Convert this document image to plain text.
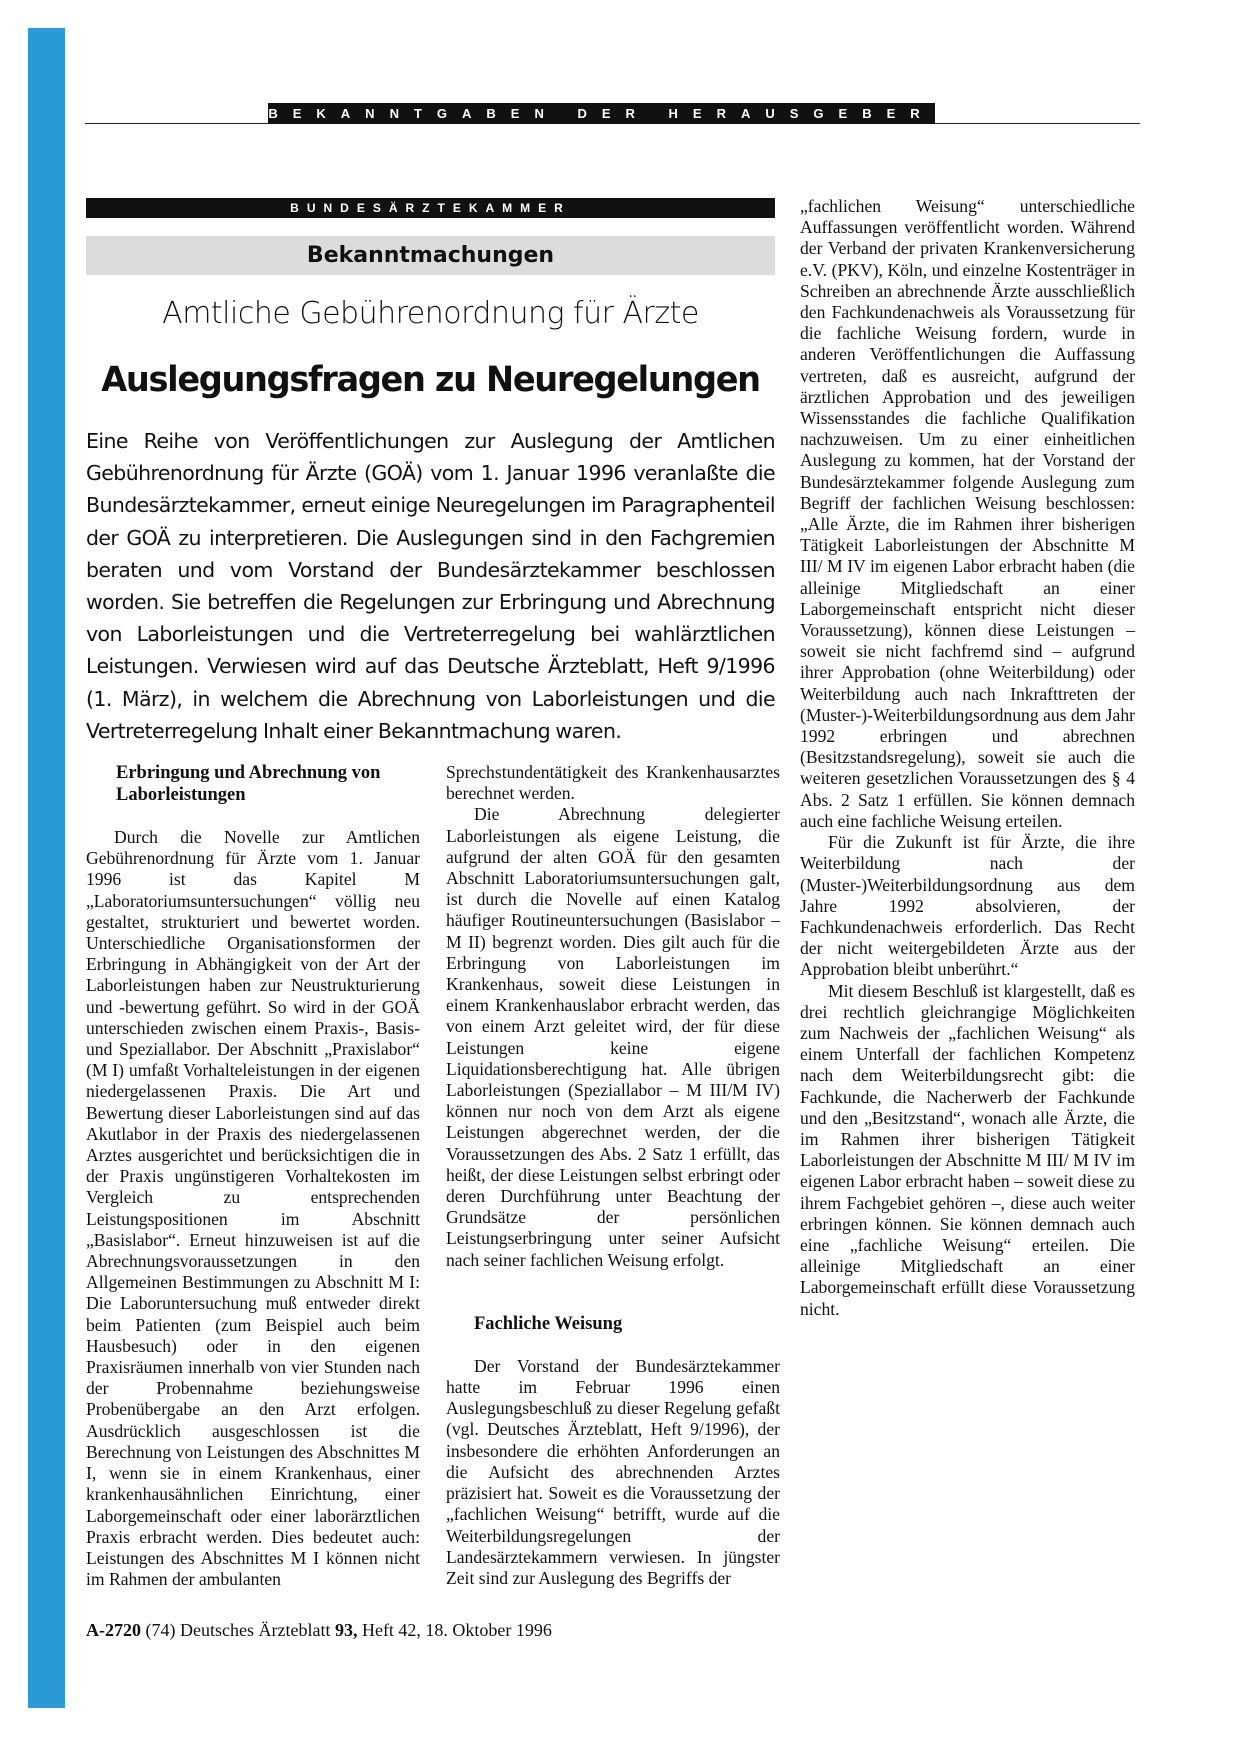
BEKANNTGABEN DER HERAUSGEBER
BUNDESÄRZTEKAMMER
Bekanntmachungen
Amtliche Gebührenordnung für Ärzte
Auslegungsfragen zu Neuregelungen
Eine Reihe von Veröffentlichungen zur Auslegung der Amtlichen Gebührenordnung für Ärzte (GOÄ) vom 1. Januar 1996 veranlaßte die Bundesärztekammer, erneut einige Neuregelungen im Paragraphenteil der GOÄ zu interpretieren. Die Auslegungen sind in den Fachgremien beraten und vom Vorstand der Bundesärztekammer beschlossen worden. Sie betreffen die Regelungen zur Erbringung und Abrechnung von Laborleistungen und die Vertreterregelung bei wahlärztlichen Leistungen. Verwiesen wird auf das Deutsche Ärzteblatt, Heft 9/1996 (1. März), in welchem die Abrechnung von Laborleistungen und die Vertreterregelung Inhalt einer Bekanntmachung waren.
Erbringung und Abrechnung von Laborleistungen

Durch die Novelle zur Amtlichen Gebührenordnung für Ärzte vom 1. Januar 1996 ist das Kapitel M „Laboratoriumsuntersuchungen“ völlig neu gestaltet, strukturiert und bewertet worden. Unterschiedliche Organisationsformen der Erbringung in Abhängigkeit von der Art der Laborleistungen haben zur Neustrukturierung und -bewertung geführt. So wird in der GOÄ unterschieden zwischen einem Praxis-, Basis- und Speziallabor. Der Abschnitt „Praxislabor“ (M I) umfaßt Vorhalteleistungen in der eigenen niedergelassenen Praxis. Die Art und Bewertung dieser Laborleistungen sind auf das Akutlabor in der Praxis des niedergelassenen Arztes ausgerichtet und berücksichtigen die in der Praxis ungünstigeren Vorhaltekosten im Vergleich zu entsprechenden Leistungspositionen im Abschnitt „Basislabor“. Erneut hinzuweisen ist auf die Abrechnungsvoraussetzungen in den Allgemeinen Bestimmungen zu Abschnitt M I: Die Laboruntersuchung muß entweder direkt beim Patienten (zum Beispiel auch beim Hausbesuch) oder in den eigenen Praxisräumen innerhalb von vier Stunden nach der Probennahme beziehungsweise Probenübergabe an den Arzt erfolgen. Ausdrücklich ausgeschlossen ist die Berechnung von Leistungen des Abschnittes M I, wenn sie in einem Krankenhaus, einer krankenhausähnlichen Einrichtung, einer Laborgemeinschaft oder einer laborärztlichen Praxis erbracht werden. Dies bedeutet auch: Leistungen des Abschnittes M I können nicht im Rahmen der ambulanten

Sprechstundentätigkeit des Krankenhausarztes berechnet werden.

Die Abrechnung delegierter Laborleistungen als eigene Leistung, die aufgrund der alten GOÄ für den gesamten Abschnitt Laboratoriumsuntersuchungen galt, ist durch die Novelle auf einen Katalog häufiger Routineuntersuchungen (Basislabor – M II) begrenzt worden. Dies gilt auch für die Erbringung von Laborleistungen im Krankenhaus, soweit diese Leistungen in einem Krankenhauslabor erbracht werden, das von einem Arzt geleitet wird, der für diese Leistungen keine eigene Liquidationsberechtigung hat. Alle übrigen Laborleistungen (Speziallabor – M III/M IV) können nur noch von dem Arzt als eigene Leistungen abgerechnet werden, der die Voraussetzungen des Abs. 2 Satz 1 erfüllt, das heißt, der diese Leistungen selbst erbringt oder deren Durchführung unter Beachtung der Grundsätze der persönlichen Leistungserbringung unter seiner Aufsicht nach seiner fachlichen Weisung erfolgt.

Fachliche Weisung

Der Vorstand der Bundesärztekammer hatte im Februar 1996 einen Auslegungsbeschluß zu dieser Regelung gefaßt (vgl. Deutsches Ärzteblatt, Heft 9/1996), der insbesondere die erhöhten Anforderungen an die Aufsicht des abrechnenden Arztes präzisiert hat. Soweit es die Voraussetzung der „fachlichen Weisung“ betrifft, wurde auf die Weiterbildungsregelungen der Landesärztekammern verwiesen. In jüngster Zeit sind zur Auslegung des Begriffs der

„fachlichen Weisung“ unterschiedliche Auffassungen veröffentlicht worden. Während der Verband der privaten Krankenversicherung e.V. (PKV), Köln, und einzelne Kostenträger in Schreiben an abrechnende Ärzte ausschließlich den Fachkundenachweis als Voraussetzung für die fachliche Weisung fordern, wurde in anderen Veröffentlichungen die Auffassung vertreten, daß es ausreicht, aufgrund der ärztlichen Approbation und des jeweiligen Wissensstandes die fachliche Qualifikation nachzuweisen. Um zu einer einheitlichen Auslegung zu kommen, hat der Vorstand der Bundesärztekammer folgende Auslegung zum Begriff der fachlichen Weisung beschlossen: „Alle Ärzte, die im Rahmen ihrer bisherigen Tätigkeit Laborleistungen der Abschnitte M III/ M IV im eigenen Labor erbracht haben (die alleinige Mitgliedschaft an einer Laborgemeinschaft entspricht nicht dieser Voraussetzung), können diese Leistungen – soweit sie nicht fachfremd sind – aufgrund ihrer Approbation (ohne Weiterbildung) oder Weiterbildung auch nach Inkrafttreten der (Muster-)-Weiterbildungsordnung aus dem Jahr 1992 erbringen und abrechnen (Besitzstandsregelung), soweit sie auch die weiteren gesetzlichen Voraussetzungen des § 4 Abs. 2 Satz 1 erfüllen. Sie können demnach auch eine fachliche Weisung erteilen.

Für die Zukunft ist für Ärzte, die ihre Weiterbildung nach der (Muster-)Weiterbildungsordnung aus dem Jahre 1992 absolvieren, der Fachkundenachweis erforderlich. Das Recht der nicht weitergebildeten Ärzte aus der Approbation bleibt unberührt.“

Mit diesem Beschluß ist klargestellt, daß es drei rechtlich gleichrangige Möglichkeiten zum Nachweis der „fachlichen Weisung“ als einem Unterfall der fachlichen Kompetenz nach dem Weiterbildungsrecht gibt: die Fachkunde, die Nacherwerb der Fachkunde und den „Besitzstand“, wonach alle Ärzte, die im Rahmen ihrer bisherigen Tätigkeit Laborleistungen der Abschnitte M III/ M IV im eigenen Labor erbracht haben – soweit diese zu ihrem Fachgebiet gehören –, diese auch weiter erbringen können. Sie können demnach auch eine „fachliche Weisung“ erteilen. Die alleinige Mitgliedschaft an einer Laborgemeinschaft erfüllt diese Voraussetzung nicht.

A-2720 (74) Deutsches Ärzteblatt 93, Heft 42, 18. Oktober 1996
